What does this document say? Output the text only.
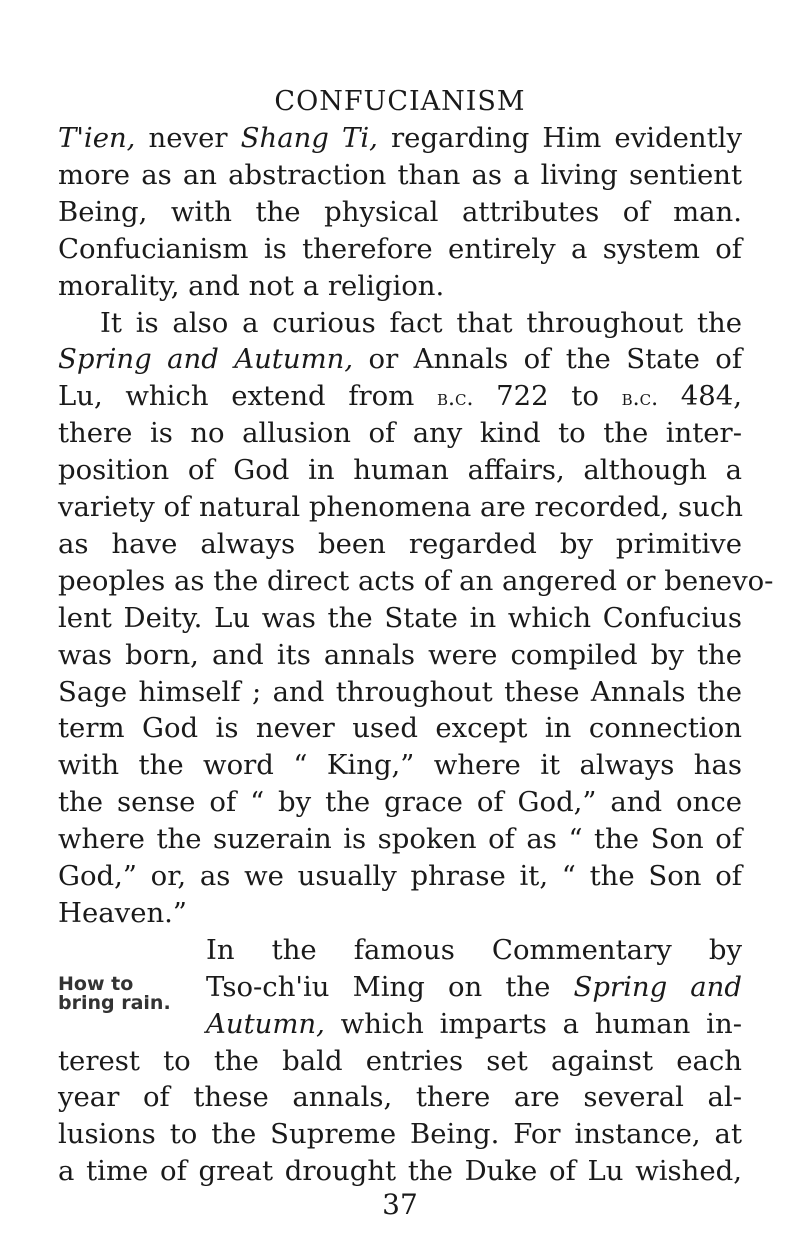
CONFUCIANISM
37
T'ien, never Shang Ti, regarding Him evidently
more as an abstraction than as a living sentient
Being, with the physical attributes of man.
Confucianism is therefore entirely a system of
morality, and not a religion.
It is also a curious fact that throughout the
Spring and Autumn, or Annals of the State of
Lu, which extend from b.c. 722 to b.c. 484,
there is no allusion of any kind to the inter-
position of God in human affairs, although a
variety of natural phenomena are recorded, such
as have always been regarded by primitive
peoples as the direct acts of an angered or benevo-
lent Deity. Lu was the State in which Confucius
was born, and its annals were compiled by the
Sage himself ; and throughout these Annals the
term God is never used except in connection
with the word “ King,” where it always has
the sense of “ by the grace of God,” and once
where the suzerain is spoken of as “ the Son of
God,” or, as we usually phrase it, “ the Son of
Heaven.”
In the famous Commentary by
Tso-ch'iu Ming on the Spring and
Autumn, which imparts a human in-
terest to the bald entries set against each
year of these annals, there are several al-
lusions to the Supreme Being. For instance, at
a time of great drought the Duke of Lu wished,
How to
bring rain.
